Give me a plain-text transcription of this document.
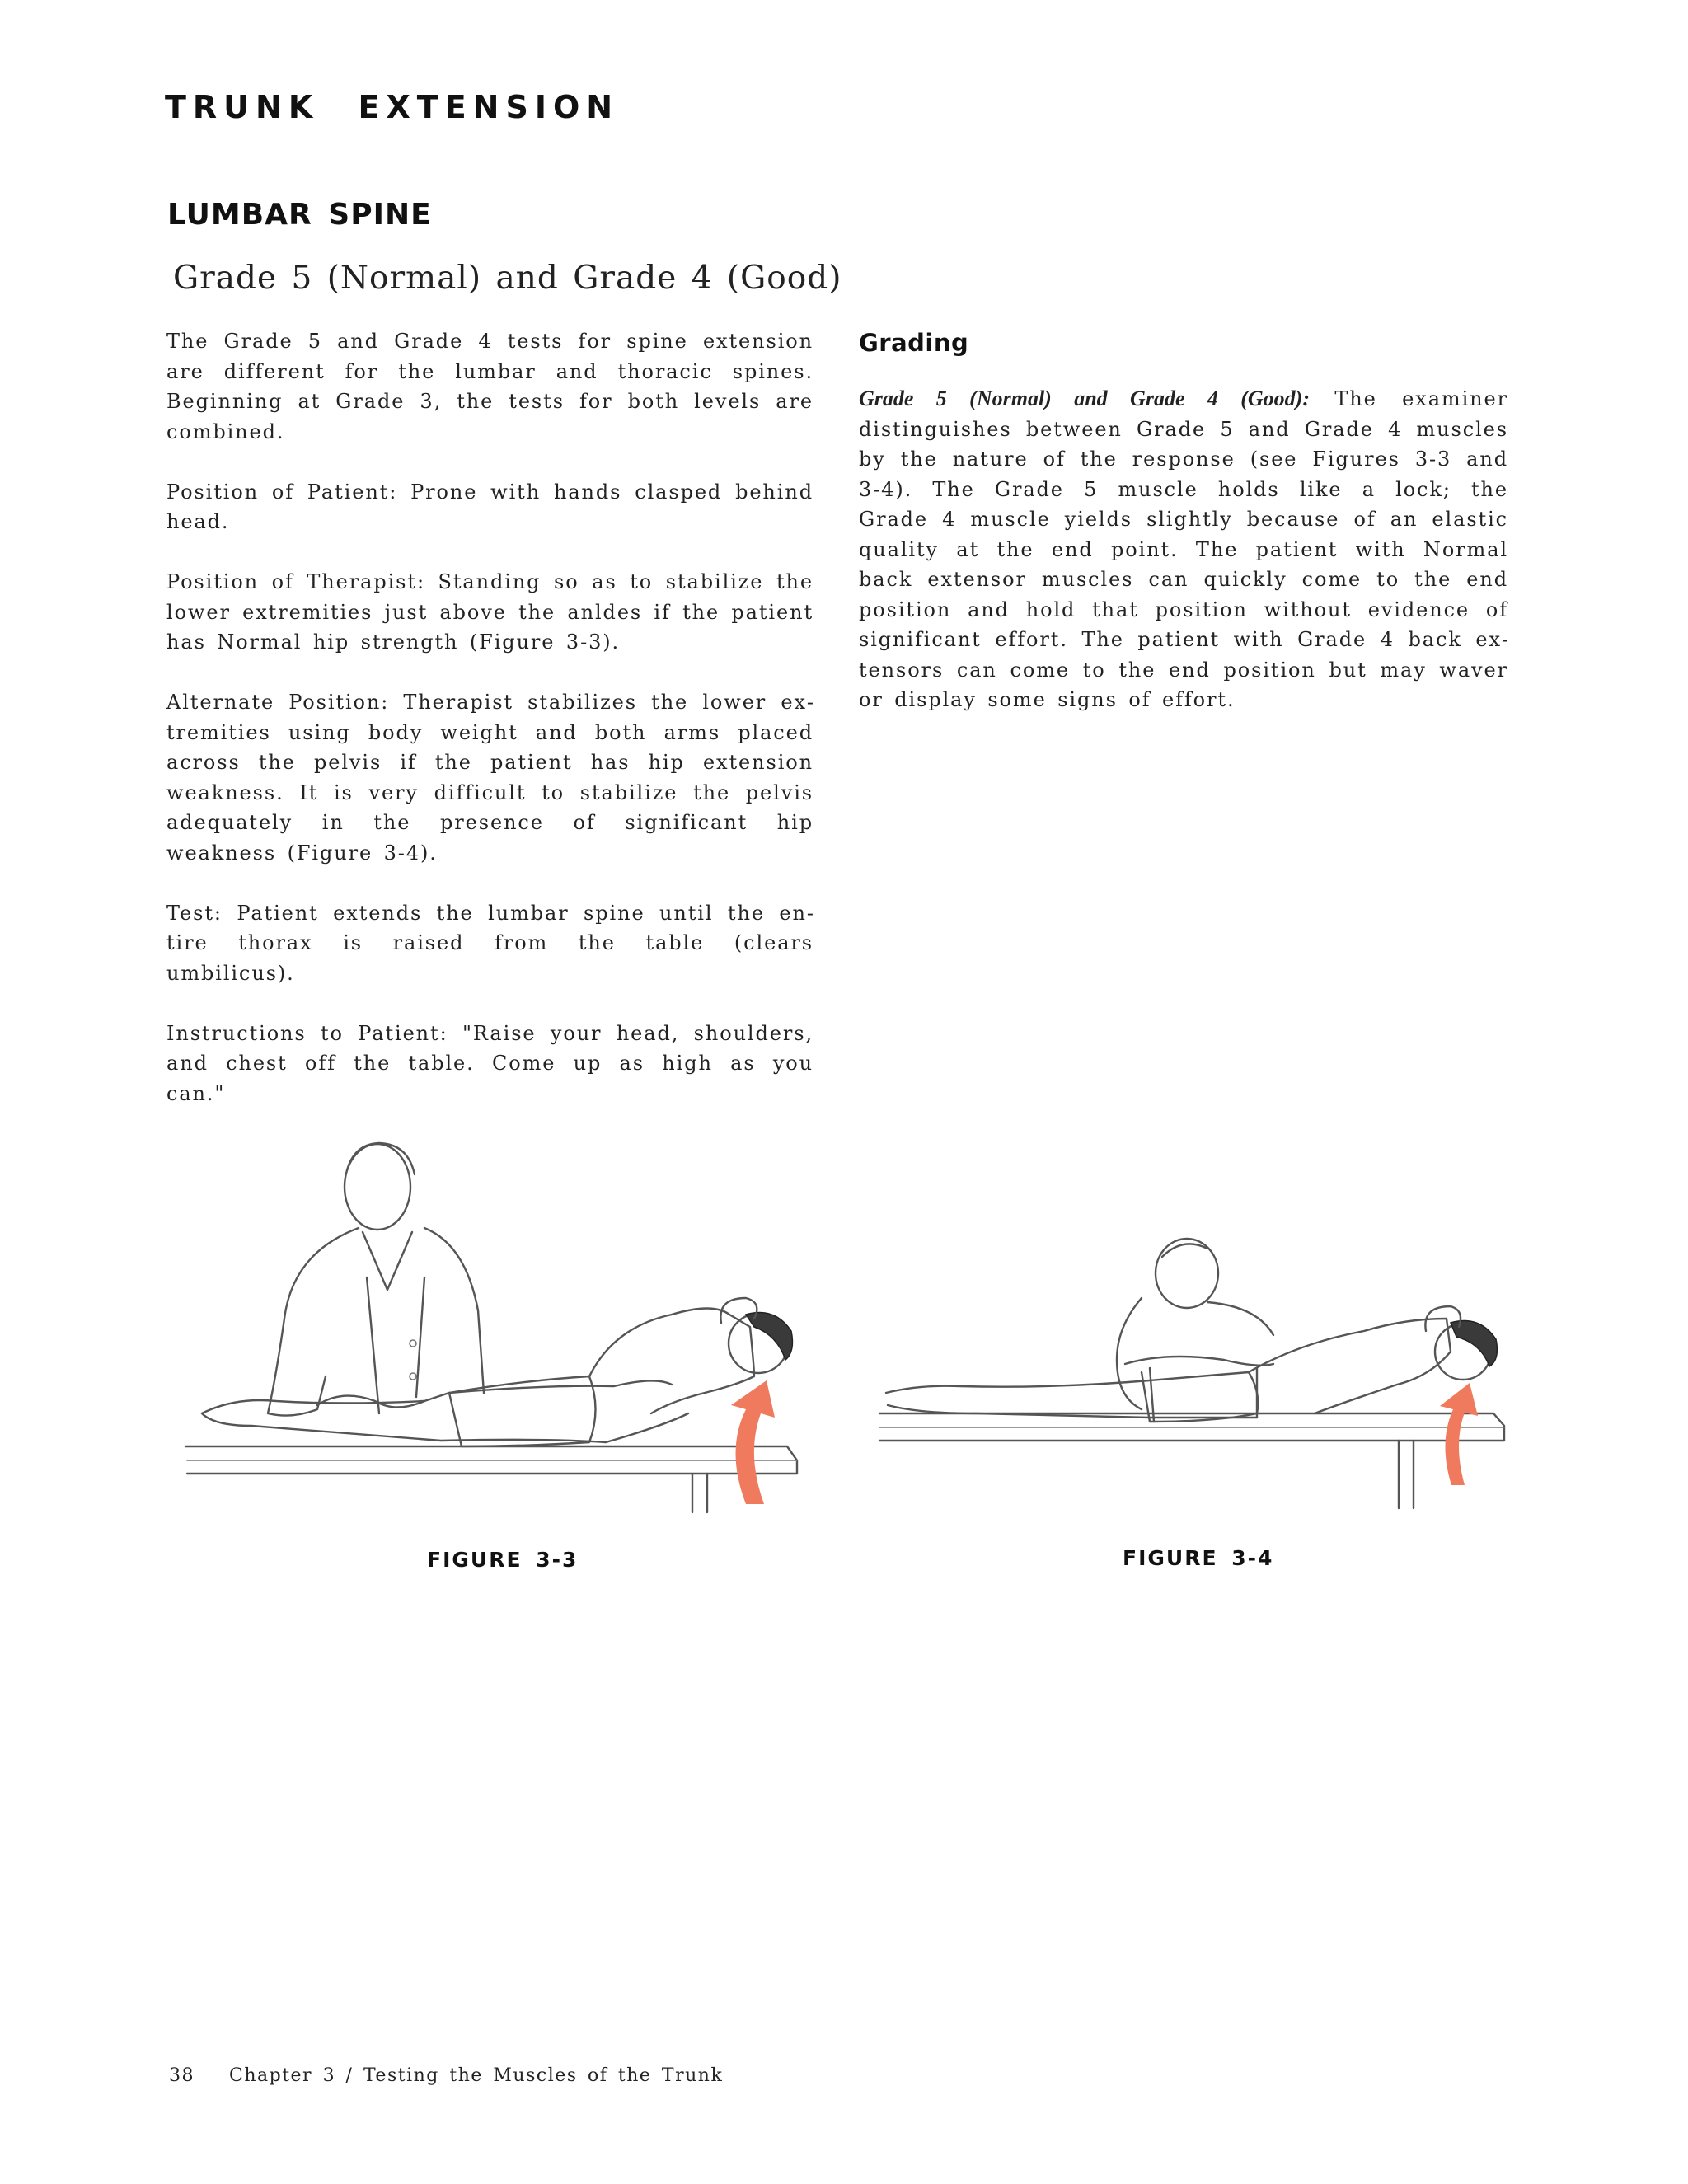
TRUNK EXTENSION
LUMBAR SPINE
Grade 5 (Normal) and Grade 4 (Good)

The Grade 5 and Grade 4 tests for spine extension are different for the lumbar and thoracic spines. Beginning at Grade 3, the tests for both levels are combined.

Position of Patient: Prone with hands clasped behind head.

Position of Therapist: Standing so as to stabilize the lower extremities just above the anldes if the patient has Normal hip strength (Figure 3-3).

Alternate Position: Therapist stabilizes the lower extremities using body weight and both arms placed across the pelvis if the patient has hip extension weakness. It is very difficult to stabilize the pelvis adequately in the presence of significant hip weakness (Figure 3-4).

Test: Patient extends the lumbar spine until the entire thorax is raised from the table (clears umbilicus).

Instructions to Patient: "Raise your head, shoulders, and chest off the table. Come up as high as you can."

Grading

Grade 5 (Normal) and Grade 4 (Good): The examiner distinguishes between Grade 5 and Grade 4 muscles by the nature of the response (see Figures 3-3 and 3-4). The Grade 5 muscle holds like a lock; the Grade 4 muscle yields slightly because of an elastic quality at the end point. The patient with Normal back extensor muscles can quickly come to the end position and hold that position without evidence of significant effort. The patient with Grade 4 back extensors can come to the end position but may waver or display some signs of effort.

FIGURE 3-3	FIGURE 3-4
38 Chapter 3 / Testing the Muscles of the Trunk
